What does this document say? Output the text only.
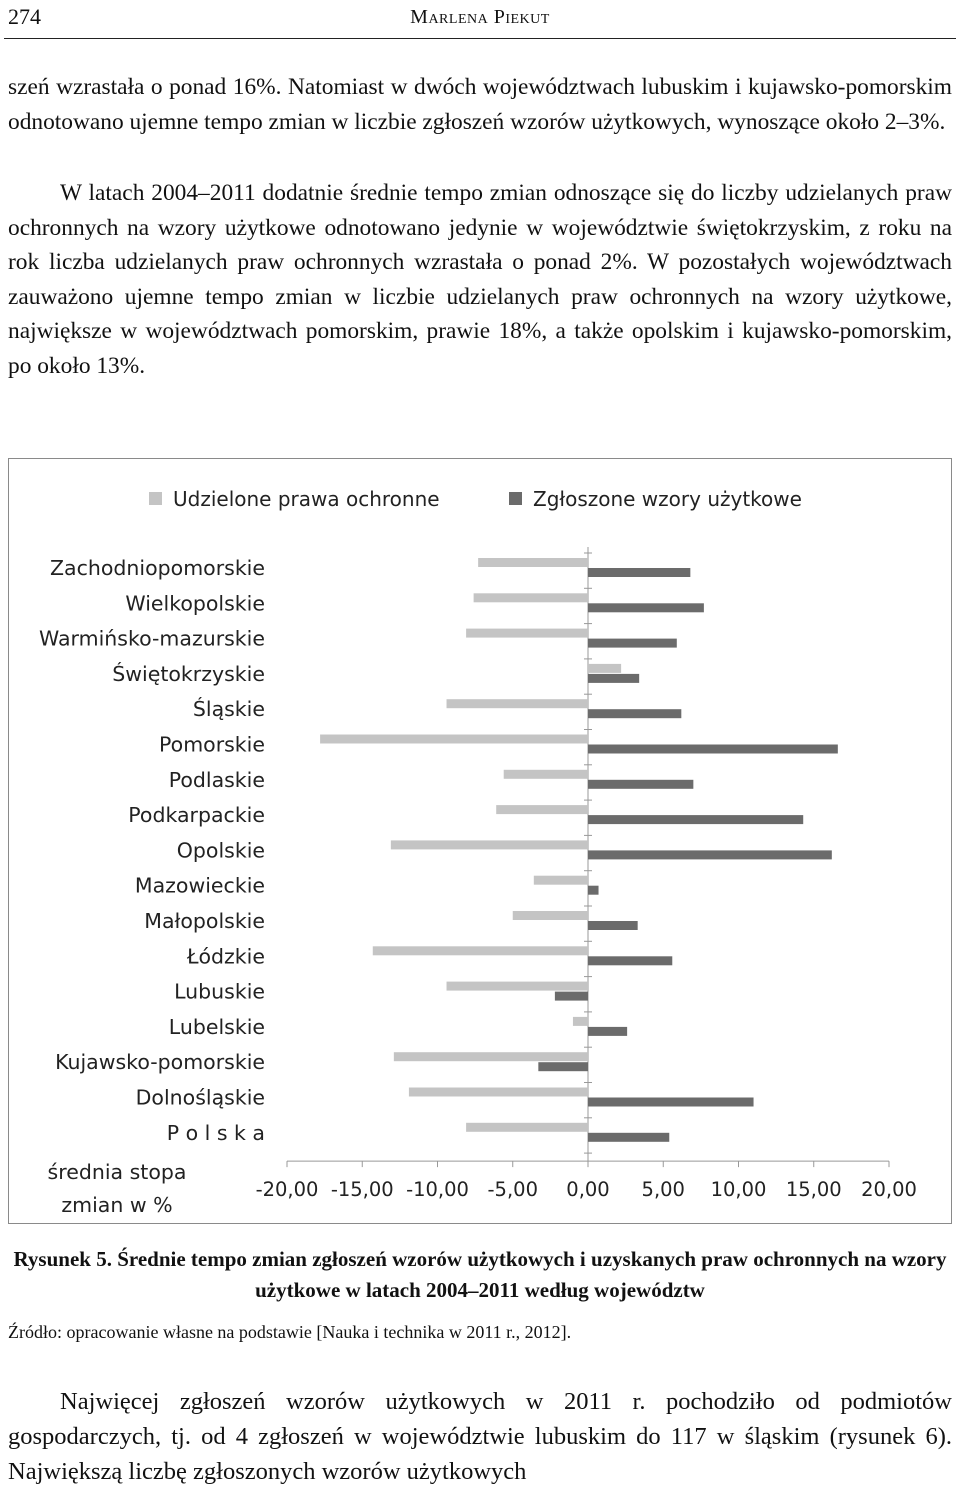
274	Marlena Piekut

szeń wzrastała o ponad 16%. Natomiast w dwóch województwach lubuskim i kujawsko-pomorskim odnotowano ujemne tempo zmian w liczbie zgłoszeń wzorów użytkowych, wynoszące około 2–3%.

W latach 2004–2011 dodatnie średnie tempo zmian odnoszące się do liczby udzielanych praw ochronnych na wzory użytkowe odnotowano jedynie w województwie świętokrzyskim, z roku na rok liczba udzielanych praw ochronnych wzrastała o ponad 2%. W pozostałych województwach zauważono ujemne tempo zmian w liczbie udzielanych praw ochronnych na wzory użytkowe, największe w województwach pomorskim, prawie 18%, a także opolskim i kujawsko-pomorskim, po około 13%.

Udzielone prawa ochronne	Zgłoszone wzory użytkowe
Zachodniopomorskie
Wielkopolskie
Warmińsko-mazurskie
Świętokrzyskie
Śląskie
Pomorskie
Podlaskie
Podkarpackie
Opolskie
Mazowieckie
Małopolskie
Łódzkie
Lubuskie
Lubelskie
Kujawsko-pomorskie
Dolnośląskie
P o l s k a
-20,00 -15,00 -10,00 -5,00 0,00 5,00 10,00 15,00 20,00
średnia stopa zmian w %

Rysunek 5. Średnie tempo zmian zgłoszeń wzorów użytkowych i uzyskanych praw ochronnych na wzory użytkowe w latach 2004–2011 według województw

Źródło: opracowanie własne na podstawie [Nauka i technika w 2011 r., 2012].

Najwięcej zgłoszeń wzorów użytkowych w 2011 r. pochodziło od podmiotów gospodarczych, tj. od 4 zgłoszeń w województwie lubuskim do 117 w śląskim (rysunek 6). Największą liczbę zgłoszonych wzorów użytkowych
